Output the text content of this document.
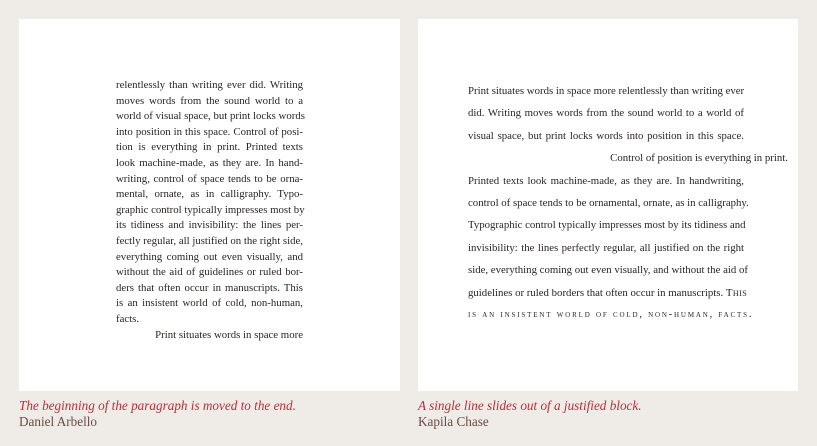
relentlessly than writing ever did. Writing
moves words from the sound world to a
world of visual space, but print locks words
into position in this space. Control of posi-
tion is everything in print. Printed texts
look machine-made, as they are. In hand-
writing, control of space tends to be orna-
mental, ornate, as in calligraphy. Typo-
graphic control typically impresses most by
its tidiness and invisibility: the lines per-
fectly regular, all justified on the right side,
everything coming out even visually, and
without the aid of guidelines or ruled bor-
ders that often occur in manuscripts. This
is an insistent world of cold, non-human,
facts.
Print situates words in space more
Print situates words in space more relentlessly than writing ever
did. Writing moves words from the sound world to a world of
visual space, but print locks words into position in this space.
Control of position is everything in print.
Printed texts look machine-made, as they are. In handwriting,
control of space tends to be ornamental, ornate, as in calligraphy.
Typographic control typically impresses most by its tidiness and
invisibility: the lines perfectly regular, all justified on the right
side, everything coming out even visually, and without the aid of
guidelines or ruled borders that often occur in manuscripts. This
is an insistent world of cold, non-human, facts.
The beginning of the paragraph is moved to the end.
Daniel Arbello
A single line slides out of a justified block.
Kapila Chase
